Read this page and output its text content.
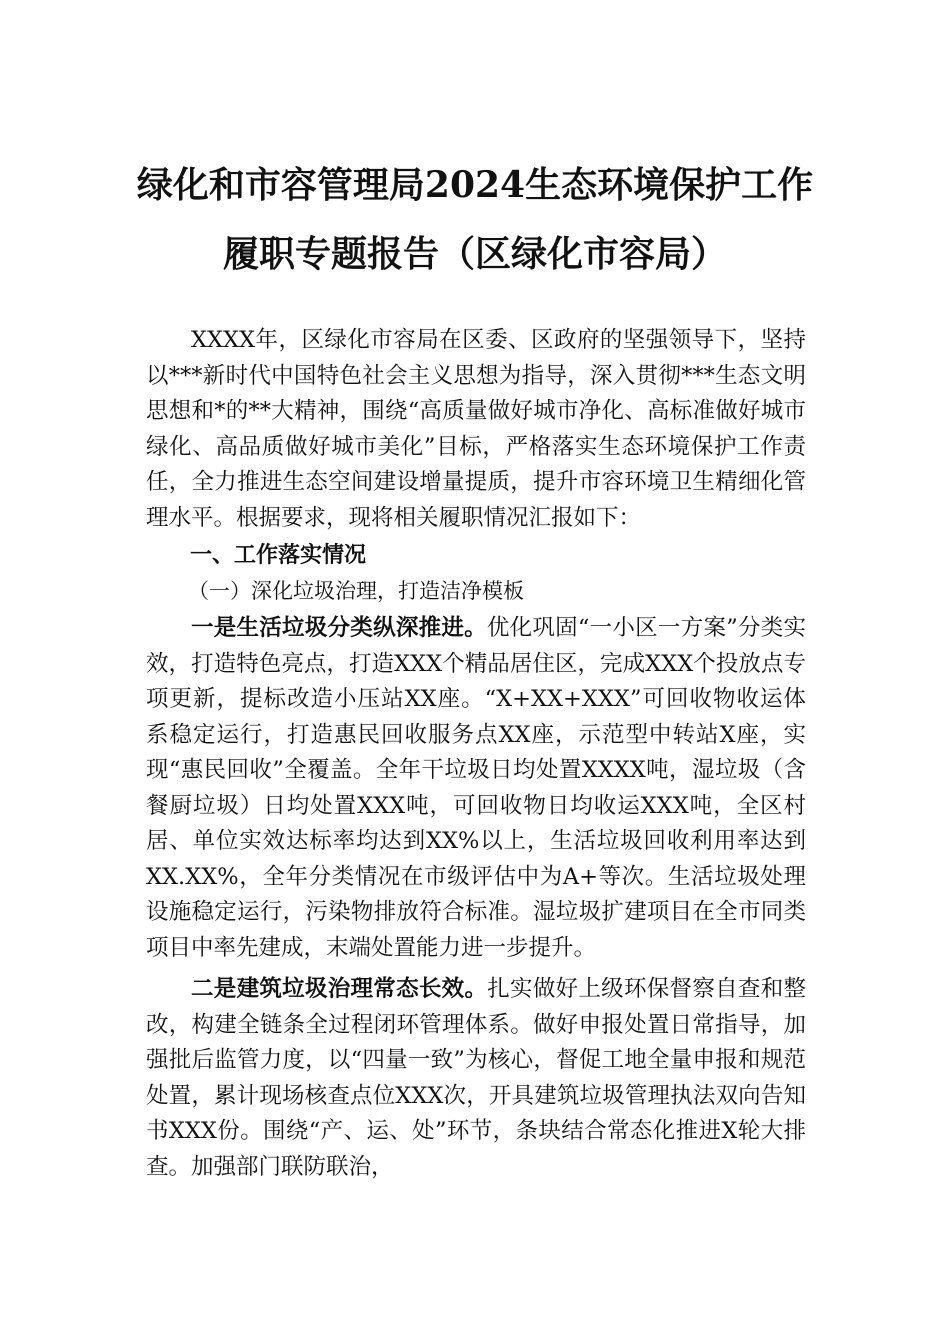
绿化和市容管理局2024生态环境保护工作
履职专题报告（区绿化市容局）

XXXX年，区绿化市容局在区委、区政府的坚强领导下，坚持以***新时代中国特色社会主义思想为指导，深入贯彻***生态文明思想和*的**大精神，围绕“高质量做好城市净化、高标准做好城市绿化、高品质做好城市美化”目标，严格落实生态环境保护工作责任，全力推进生态空间建设增量提质，提升市容环境卫生精细化管理水平。根据要求，现将相关履职情况汇报如下：

一、工作落实情况

（一）深化垃圾治理，打造洁净模板

一是生活垃圾分类纵深推进。优化巩固“一小区一方案”分类实效，打造特色亮点，打造XXX个精品居住区，完成XXX个投放点专项更新，提标改造小压站XX座。“X+XX+XXX”可回收物收运体系稳定运行，打造惠民回收服务点XX座，示范型中转站X座，实现“惠民回收”全覆盖。全年干垃圾日均处置XXXX吨，湿垃圾（含餐厨垃圾）日均处置XXX吨，可回收物日均收运XXX吨，全区村居、单位实效达标率均达到XX%以上，生活垃圾回收利用率达到XX.XX%，全年分类情况在市级评估中为A+等次。生活垃圾处理设施稳定运行，污染物排放符合标准。湿垃圾扩建项目在全市同类项目中率先建成，末端处置能力进一步提升。

二是建筑垃圾治理常态长效。扎实做好上级环保督察自查和整改，构建全链条全过程闭环管理体系。做好申报处置日常指导，加强批后监管力度，以“四量一致”为核心，督促工地全量申报和规范处置，累计现场核查点位XXX次，开具建筑垃圾管理执法双向告知书XXX份。围绕“产、运、处”环节，条块结合常态化推进X轮大排查。加强部门联防联治，
